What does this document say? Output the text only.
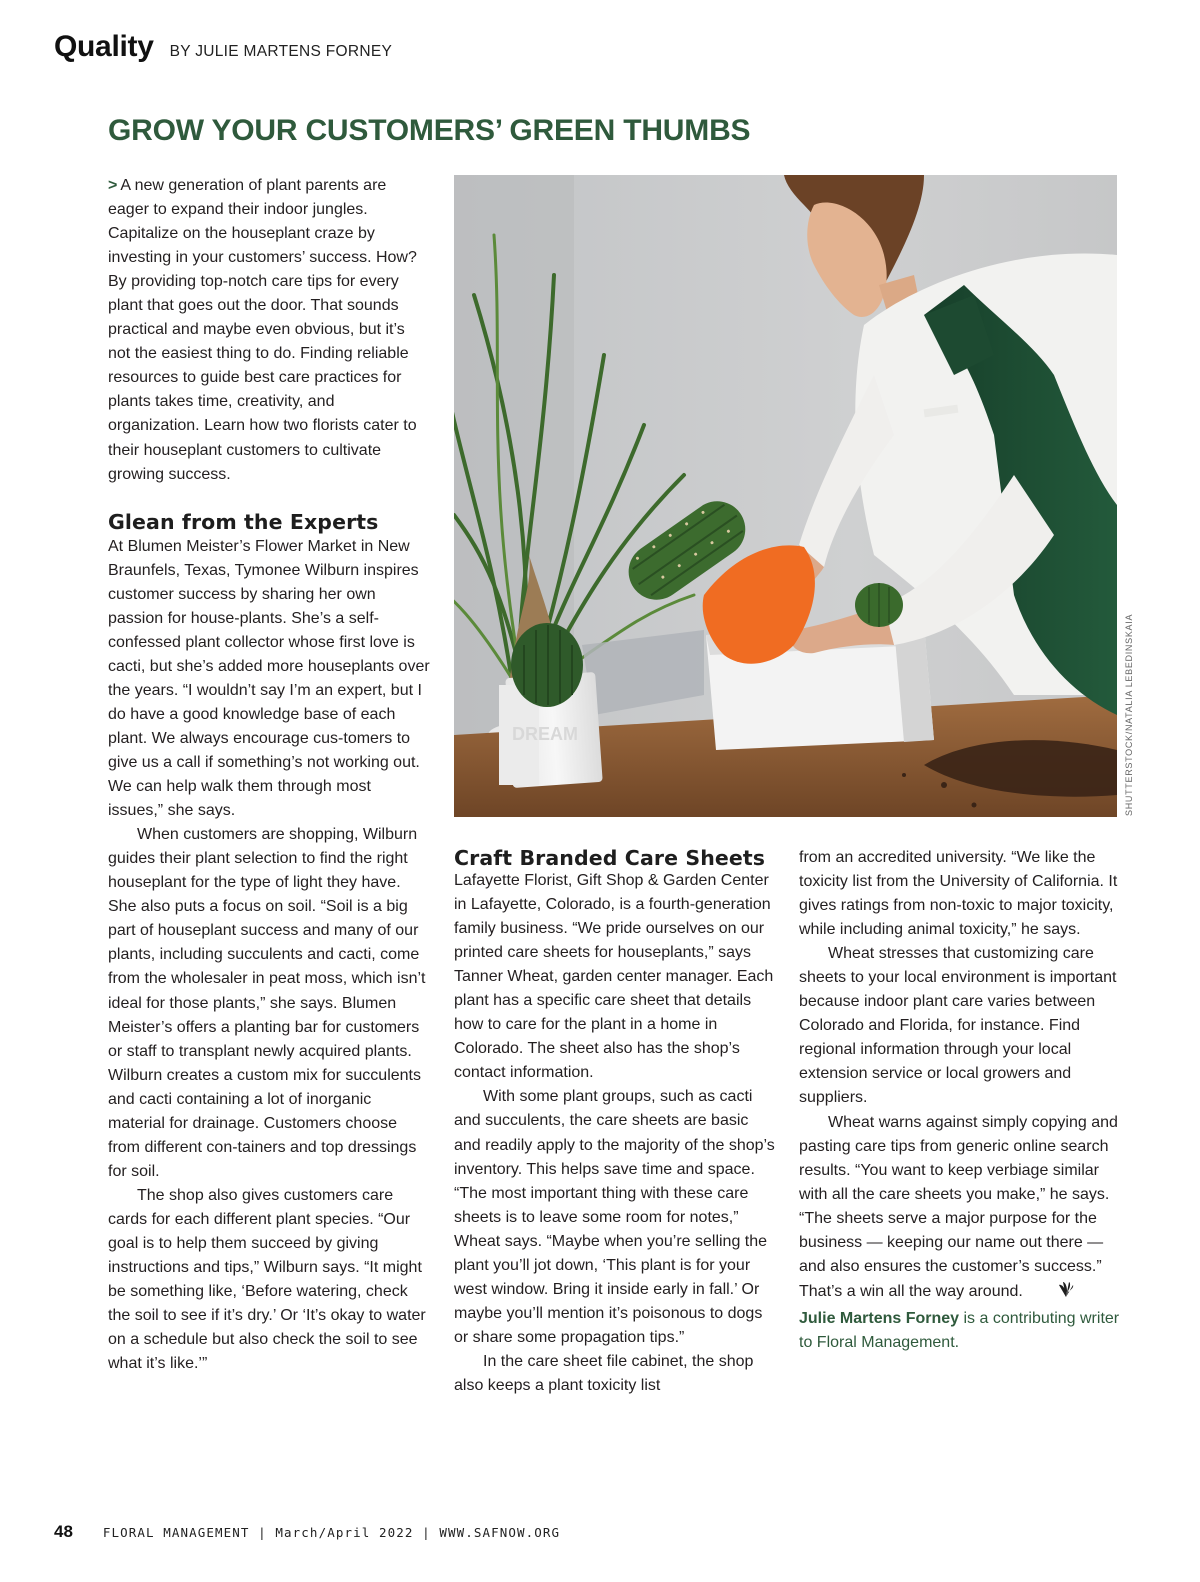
Quality BY JULIE MARTENS FORNEY
GROW YOUR CUSTOMERS’ GREEN THUMBS

> A new generation of plant parents are eager to expand their indoor jungles. Capitalize on the houseplant craze by investing in your customers’ success. How? By providing top-notch care tips for every plant that goes out the door. That sounds practical and maybe even obvious, but it’s not the easiest thing to do. Finding reliable resources to guide best care practices for plants takes time, creativity, and organization. Learn how two florists cater to their houseplant customers to cultivate growing success.

Glean from the Experts

At Blumen Meister’s Flower Market in New Braunfels, Texas, Tymonee Wilburn inspires customer success by sharing her own passion for house-plants. She’s a self-confessed plant collector whose first love is cacti, but she’s added more houseplants over the years. “I wouldn’t say I’m an expert, but I do have a good knowledge base of each plant. We always encourage cus-tomers to give us a call if something’s not working out. We can help walk them through most issues,” she says.

When customers are shopping, Wilburn guides their plant selection to find the right houseplant for the type of light they have. She also puts a focus on soil. “Soil is a big part of houseplant success and many of our plants, including succulents and cacti, come from the wholesaler in peat moss, which isn’t ideal for those plants,” she says. Blumen Meister’s offers a planting bar for customers or staff to transplant newly acquired plants. Wilburn creates a custom mix for succulents and cacti containing a lot of inorganic material for drainage. Customers choose from different con-tainers and top dressings for soil.

The shop also gives customers care cards for each different plant species. “Our goal is to help them succeed by giving instructions and tips,” Wilburn says. “It might be something like, ‘Before watering, check the soil to see if it’s dry.’ Or ‘It’s okay to water on a schedule but also check the soil to see what it’s like.’”

DREAM	SHUTTERSTOCK/NATALIA LEBEDINSKAIA
Craft Branded Care Sheets

Lafayette Florist, Gift Shop & Garden Center in Lafayette, Colorado, is a fourth-generation family business. “We pride ourselves on our printed care sheets for houseplants,” says Tanner Wheat, garden center manager. Each plant has a specific care sheet that details how to care for the plant in a home in Colorado. The sheet also has the shop’s contact information.

With some plant groups, such as cacti and succulents, the care sheets are basic and readily apply to the majority of the shop’s inventory. This helps save time and space. “The most important thing with these care sheets is to leave some room for notes,” Wheat says. “Maybe when you’re selling the plant you’ll jot down, ‘This plant is for your west window. Bring it inside early in fall.’ Or maybe you’ll mention it’s poisonous to dogs or share some propagation tips.”

In the care sheet file cabinet, the shop also keeps a plant toxicity list

from an accredited university. “We like the toxicity list from the University of California. It gives ratings from non-toxic to major toxicity, while including animal toxicity,” he says.

Wheat stresses that customizing care sheets to your local environment is important because indoor plant care varies between Colorado and Florida, for instance. Find regional information through your local extension service or local growers and suppliers.

Wheat warns against simply copying and pasting care tips from generic online search results. “You want to keep verbiage similar with all the care sheets you make,” he says. “The sheets serve a major purpose for the business — keeping our name out there — and also ensures the customer’s success.” That’s a win all the way around.

Julie Martens Forney is a contributing writer to Floral Management.

48 FLORAL MANAGEMENT | March/April 2022 | WWW.SAFNOW.ORG
